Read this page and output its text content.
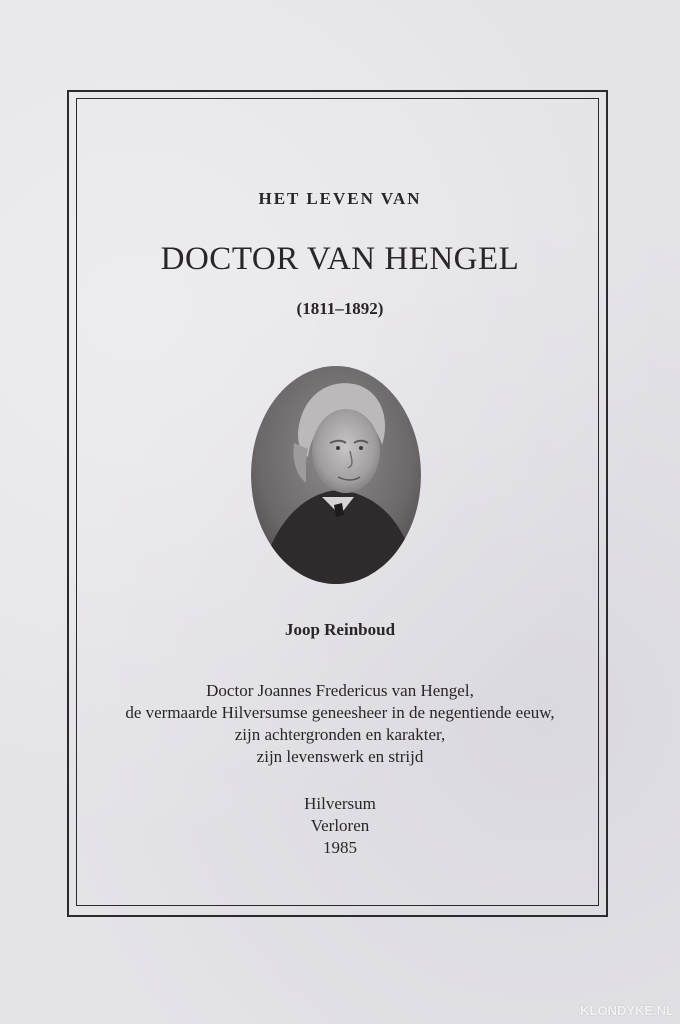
HET LEVEN VAN
DOCTOR VAN HENGEL
(1811–1892)
Joop Reinboud
Doctor Joannes Fredericus van Hengel,
de vermaarde Hilversumse geneesheer in de negentiende eeuw,
zijn achtergronden en karakter,
zijn levenswerk en strijd
Hilversum
Verloren
1985
KLONDYKE.NL
